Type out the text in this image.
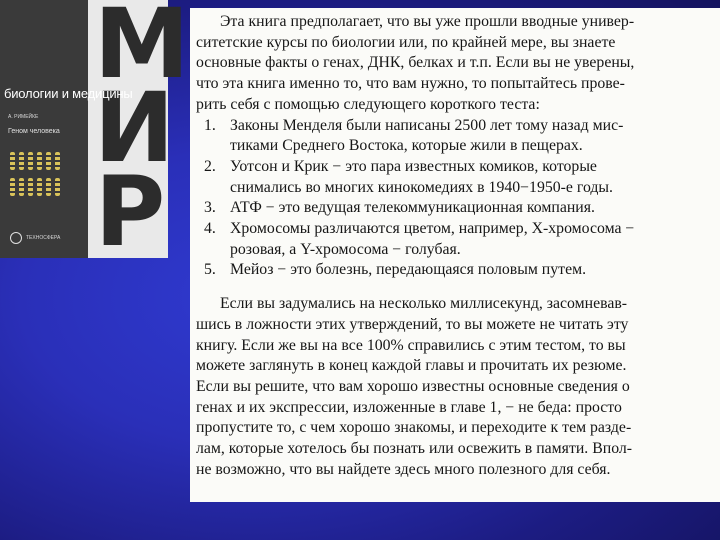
М
И
Р
биологии и медицины
А. РИМЕЙКЕ
Геном человека
ТЕХНОСФЕРА
Эта книга предполагает, что вы уже прошли вводные универ-
ситетские курсы по биологии или, по крайней мере, вы знаете
основные факты о генах, ДНК, белках и т.п. Если вы не уверены,
что эта книга именно то, что вам нужно, то попытайтесь прове-
рить себя с помощью следующего короткого теста:
1. Законы Менделя были написаны 2500 лет тому назад мис-
тиками Среднего Востока, которые жили в пещерах.
2. Уотсон и Крик − это пара известных комиков, которые
снимались во многих кинокомедиях в 1940−1950-е годы.
3. АТФ − это ведущая телекоммуникационная компания.
4. Хромосомы различаются цветом, например, X-хромосома −
розовая, а Y-хромосома − голубая.
5. Мейоз − это болезнь, передающаяся половым путем.
Если вы задумались на несколько миллисекунд, засомневав-
шись в ложности этих утверждений, то вы можете не читать эту
книгу. Если же вы на все 100% справились с этим тестом, то вы
можете заглянуть в конец каждой главы и прочитать их резюме.
Если вы решите, что вам хорошо известны основные сведения о
генах и их экспрессии, изложенные в главе 1, − не беда: просто
пропустите то, с чем хорошо знакомы, и переходите к тем разде-
лам, которые хотелось бы познать или освежить в памяти. Впол-
не возможно, что вы найдете здесь много полезного для себя.
